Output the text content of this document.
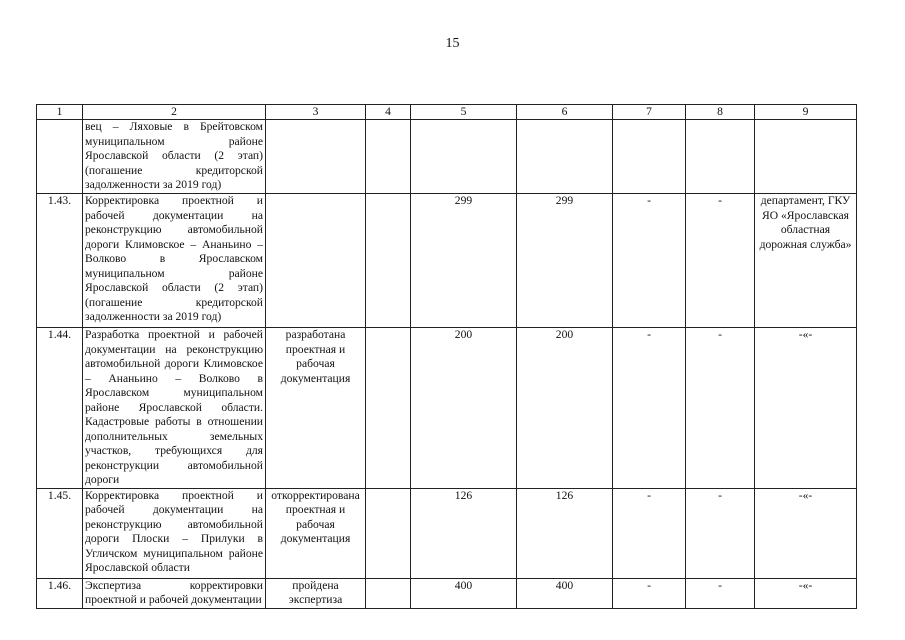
15
1	2	3	4	5	6	7	8	9
	вец – Ляховые в Брейтовском муниципальном районе Ярославской области (2 этап) (погашение кредиторской задолженности за 2019 год)							
1.43.	Корректировка проектной и рабочей документации на реконструкцию автомобильной дороги Климовское – Ананьино – Волково в Ярославском муниципальном районе Ярославской области (2 этап) (погашение кредиторской задолженности за 2019 год)			299	299	-	-	департамент, ГКУ ЯО «Ярославская областная дорожная служба»
1.44.	Разработка проектной и рабочей документации на реконструкцию автомобильной дороги Климовское – Ананьино – Волково в Ярославском муниципальном районе Ярославской области. Кадастровые работы в отношении дополнительных земельных участков, требующихся для реконструкции автомобильной дороги	разработана проектная и рабочая документация		200	200	-	-	-«-
1.45.	Корректировка проектной и рабочей документации на реконструкцию автомобильной дороги Плоски – Прилуки в Угличском муниципальном районе Ярославской области	откорректирована проектная и рабочая документация		126	126	-	-	-«-
1.46.	Экспертиза корректировки проектной и рабочей документации	пройдена экспертиза		400	400	-	-	-«-
